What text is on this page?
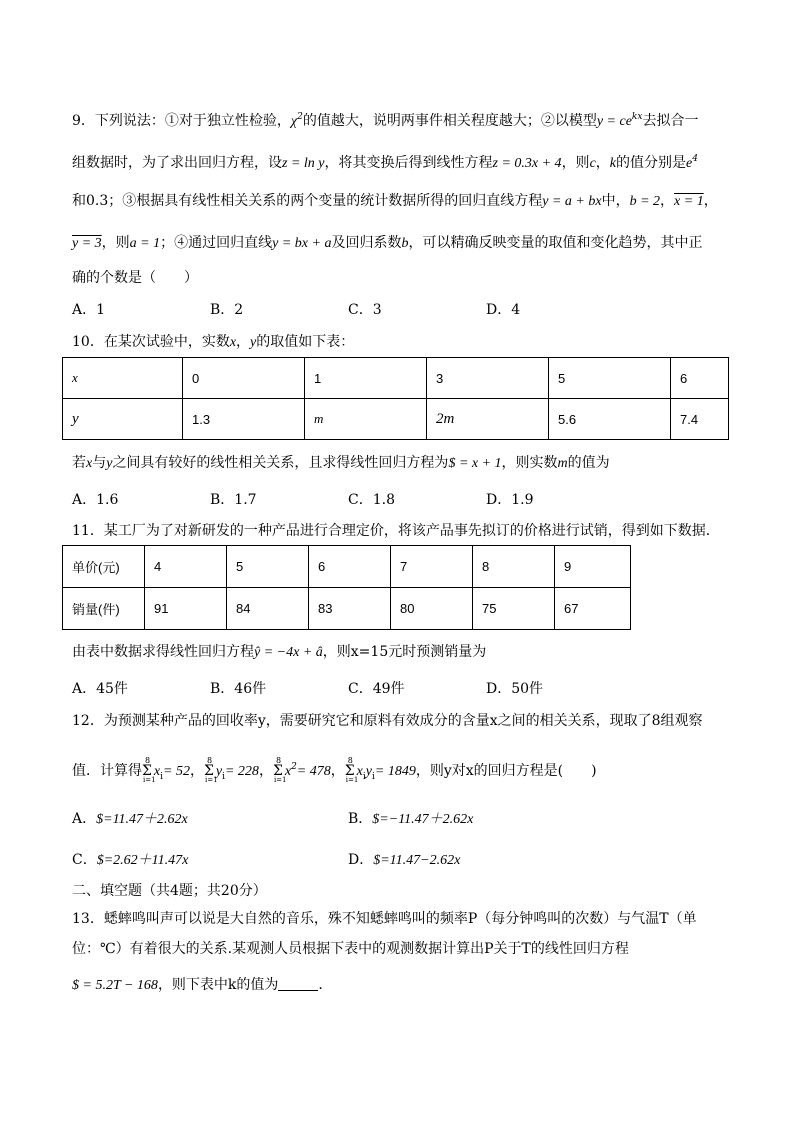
9．下列说法：①对于独立性检验，$\chi^2$的值越大，说明两事件相关程度越大；②以模型$y = ce^{kx}$去拟合一
组数据时，为了求出回归方程，设z = ln y，将其变换后得到线性方程z = 0.3x + 4，则c，k的值分别是$e^4$
和0.3；③根据具有线性相关关系的两个变量的统计数据所得的回归直线方程y = a + bx中，b = 2，x = 1，
y = 3，则a = 1；④通过回归直线y = bx + a及回归系数b，可以精确反映变量的取值和变化趋势，其中正
确的个数是（　　）
A．1	B．2	C．3	D．4
10．在某次试验中，实数x，y的取值如下表：
x	0	1	3	5	6
y	1.3	m	2m	5.6	7.4
若x与y之间具有较好的线性相关关系，且求得线性回归方程为$ = x + 1，则实数m的值为
A．1.6	B．1.7	C．1.8	D．1.9
11．某工厂为了对新研发的一种产品进行合理定价，将该产品事先拟订的价格进行试销，得到如下数据．
单价(元)	4	5	6	7	8	9
销量(件)	91	84	83	80	75	67
由表中数据求得线性回归方程ŷ = −4x + â，则x=15元时预测销量为
A．45件	B．46件	C．49件	D．50件
12．为预测某种产品的回收率y，需要研究它和原料有效成分的含量x之间的相关关系，现取了8组观察
值．计算得Σ
8
i=1
$x_i= 52$，Σ
8
i=1
$y_i= 228$，Σ
8
i=1
$x^2= 478$，Σ
8
i=1
$x_iy_i= 1849$，则y对x的回归方程是(　　)
A．$=11.47＋2.62x	B．$=−11.47＋2.62x
C．$=2.62＋11.47x	D．$=11.47−2.62x
二、填空题（共4题；共20分）
13．蟋蟀鸣叫声可以说是大自然的音乐，殊不知蟋蟀鸣叫的频率P（每分钟鸣叫的次数）与气温T（单
位：℃）有着很大的关系.某观测人员根据下表中的观测数据计算出P关于T的线性回归方程
$ = 5.2T − 168，则下表中k的值为	.
